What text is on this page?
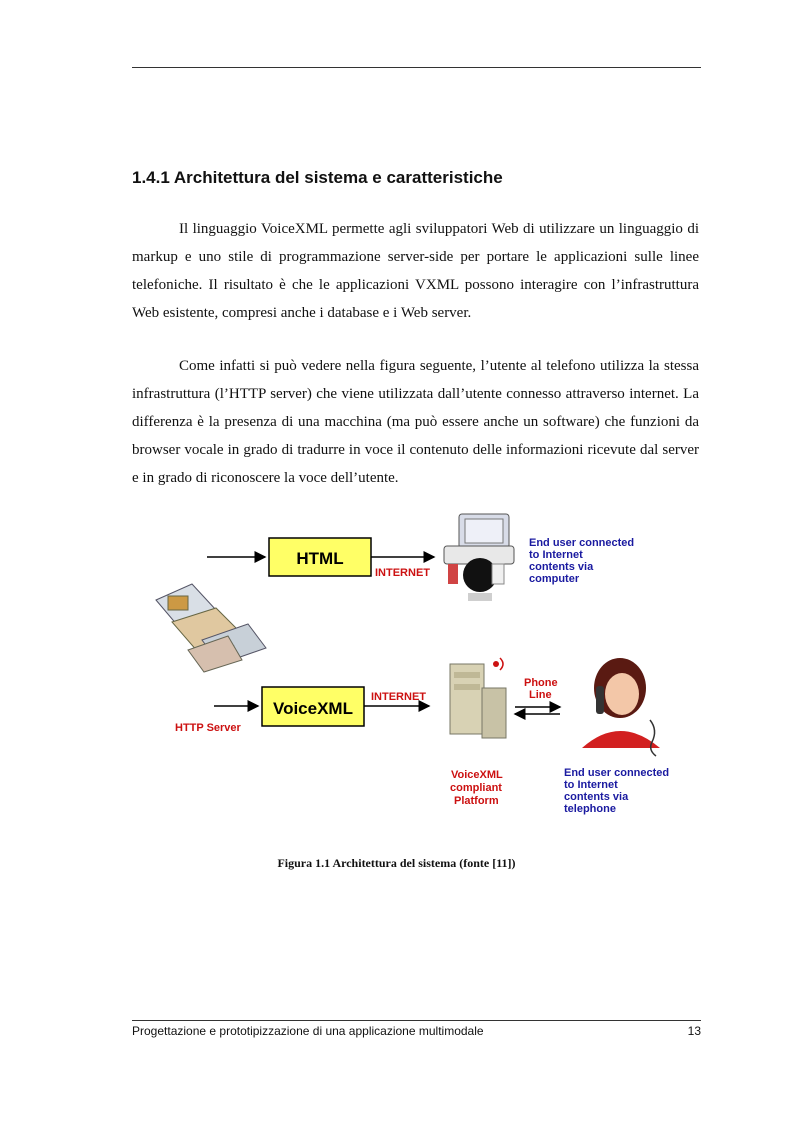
1.4.1 Architettura del sistema e caratteristiche

Il linguaggio VoiceXML permette agli sviluppatori Web di utilizzare un linguaggio di markup e uno stile di programmazione server-side per portare le applicazioni sulle linee telefoniche. Il risultato è che le applicazioni VXML possono interagire con l’infrastruttura Web esistente, compresi anche i database e i Web server.

Come infatti si può vedere nella figura seguente, l’utente al telefono utilizza la stessa infrastruttura (l’HTTP server) che viene utilizzata dall’utente connesso attraverso internet. La differenza è la presenza di una macchina (ma può essere anche un software) che funzioni da browser vocale in grado di tradurre in voce il contenuto delle informazioni ricevute dal server e in grado di riconoscere la voce dell’utente.

HTML
INTERNET
End user connected
to Internet
contents via
computer
HTTP Server
VoiceXML
INTERNET
VoiceXML
compliant
Platform
Phone
Line
End user connected
to Internet
contents via
telephone
Figura 1.1 Architettura del sistema (fonte [11])
Progettazione e prototipizzazione di una applicazione multimodale	13
